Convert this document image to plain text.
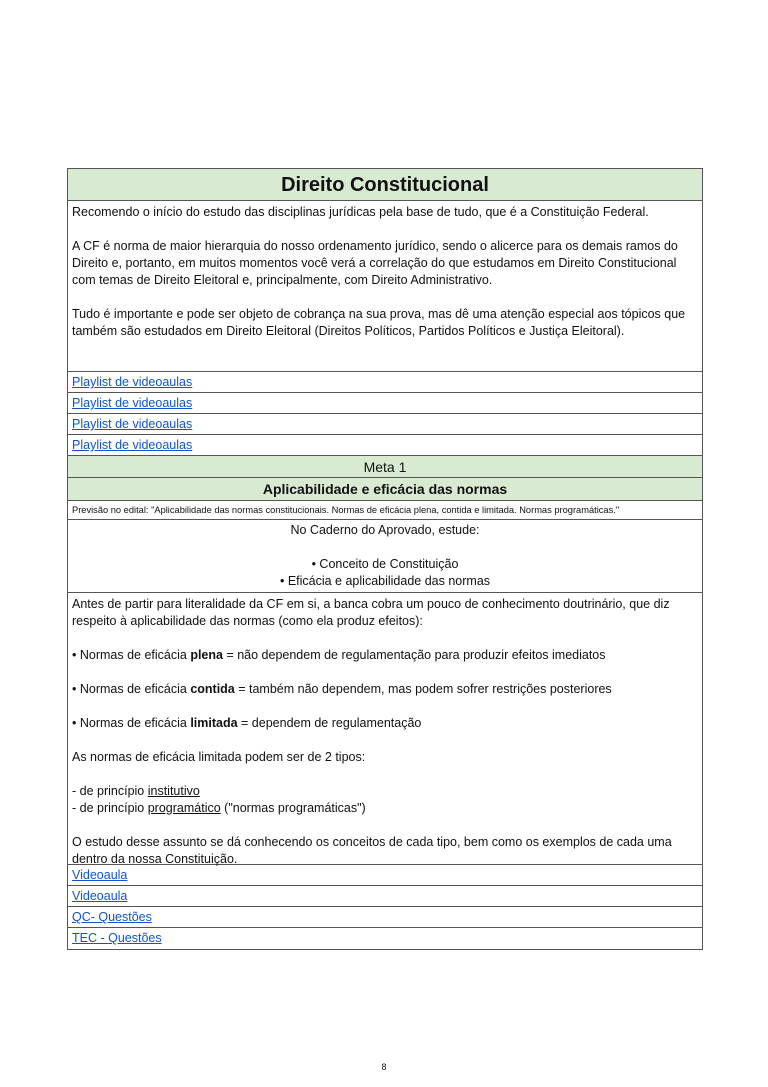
Direito Constitucional

Recomendo o início do estudo das disciplinas jurídicas pela base de tudo, que é a Constituição Federal.

A CF é norma de maior hierarquia do nosso ordenamento jurídico, sendo o alicerce para os demais ramos do Direito e, portanto, em muitos momentos você verá a correlação do que estudamos em Direito Constitucional com temas de Direito Eleitoral e, principalmente, com Direito Administrativo.

Tudo é importante e pode ser objeto de cobrança na sua prova, mas dê uma atenção especial aos tópicos que também são estudados em Direito Eleitoral (Direitos Políticos, Partidos Políticos e Justiça Eleitoral).

Playlist de videoaulas
Playlist de videoaulas
Playlist de videoaulas
Playlist de videoaulas
Meta 1
Aplicabilidade e eficácia das normas
Previsão no edital: "Aplicabilidade das normas constitucionais. Normas de eficácia plena, contida e limitada. Normas programáticas."
No Caderno do Aprovado, estude:
• Conceito de Constituição
• Eficácia e aplicabilidade das normas

Antes de partir para literalidade da CF em si, a banca cobra um pouco de conhecimento doutrinário, que diz respeito à aplicabilidade das normas (como ela produz efeitos):

• Normas de eficácia plena = não dependem de regulamentação para produzir efeitos imediatos

• Normas de eficácia contida = também não dependem, mas podem sofrer restrições posteriores

• Normas de eficácia limitada = dependem de regulamentação

As normas de eficácia limitada podem ser de 2 tipos:

- de princípio institutivo
- de princípio programático ("normas programáticas")

O estudo desse assunto se dá conhecendo os conceitos de cada tipo, bem como os exemplos de cada uma dentro da nossa Constituição.

Videoaula
Videoaula
QC- Questões
TEC - Questões
8
